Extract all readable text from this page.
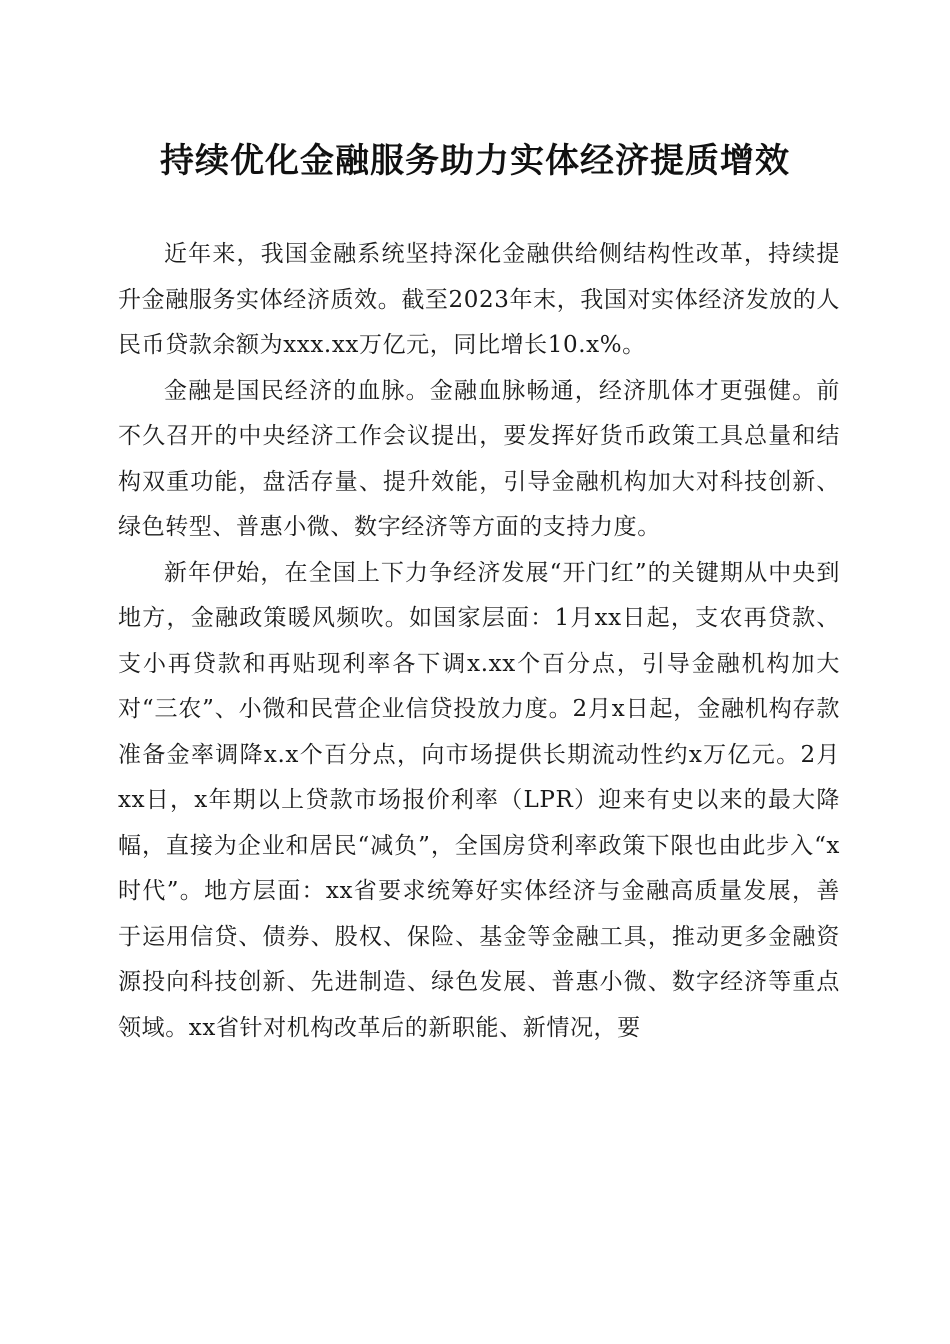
持续优化金融服务助力实体经济提质增效

近年来，我国金融系统坚持深化金融供给侧结构性改革，持续提升金融服务实体经济质效。截至2023年末，我国对实体经济发放的人民币贷款余额为xxx.xx万亿元，同比增长10.x%。

金融是国民经济的血脉。金融血脉畅通，经济肌体才更强健。前不久召开的中央经济工作会议提出，要发挥好货币政策工具总量和结构双重功能，盘活存量、提升效能，引导金融机构加大对科技创新、绿色转型、普惠小微、数字经济等方面的支持力度。

新年伊始，在全国上下力争经济发展“开门红”的关键期从中央到地方，金融政策暖风频吹。如国家层面：1月xx日起，支农再贷款、支小再贷款和再贴现利率各下调x.xx个百分点，引导金融机构加大对“三农”、小微和民营企业信贷投放力度。2月x日起，金融机构存款准备金率调降x.x个百分点，向市场提供长期流动性约x万亿元。2月xx日，x年期以上贷款市场报价利率（LPR）迎来有史以来的最大降幅，直接为企业和居民“减负”，全国房贷利率政策下限也由此步入“x时代”。地方层面：xx省要求统筹好实体经济与金融高质量发展，善于运用信贷、债券、股权、保险、基金等金融工具，推动更多金融资源投向科技创新、先进制造、绿色发展、普惠小微、数字经济等重点领域。xx省针对机构改革后的新职能、新情况，要
